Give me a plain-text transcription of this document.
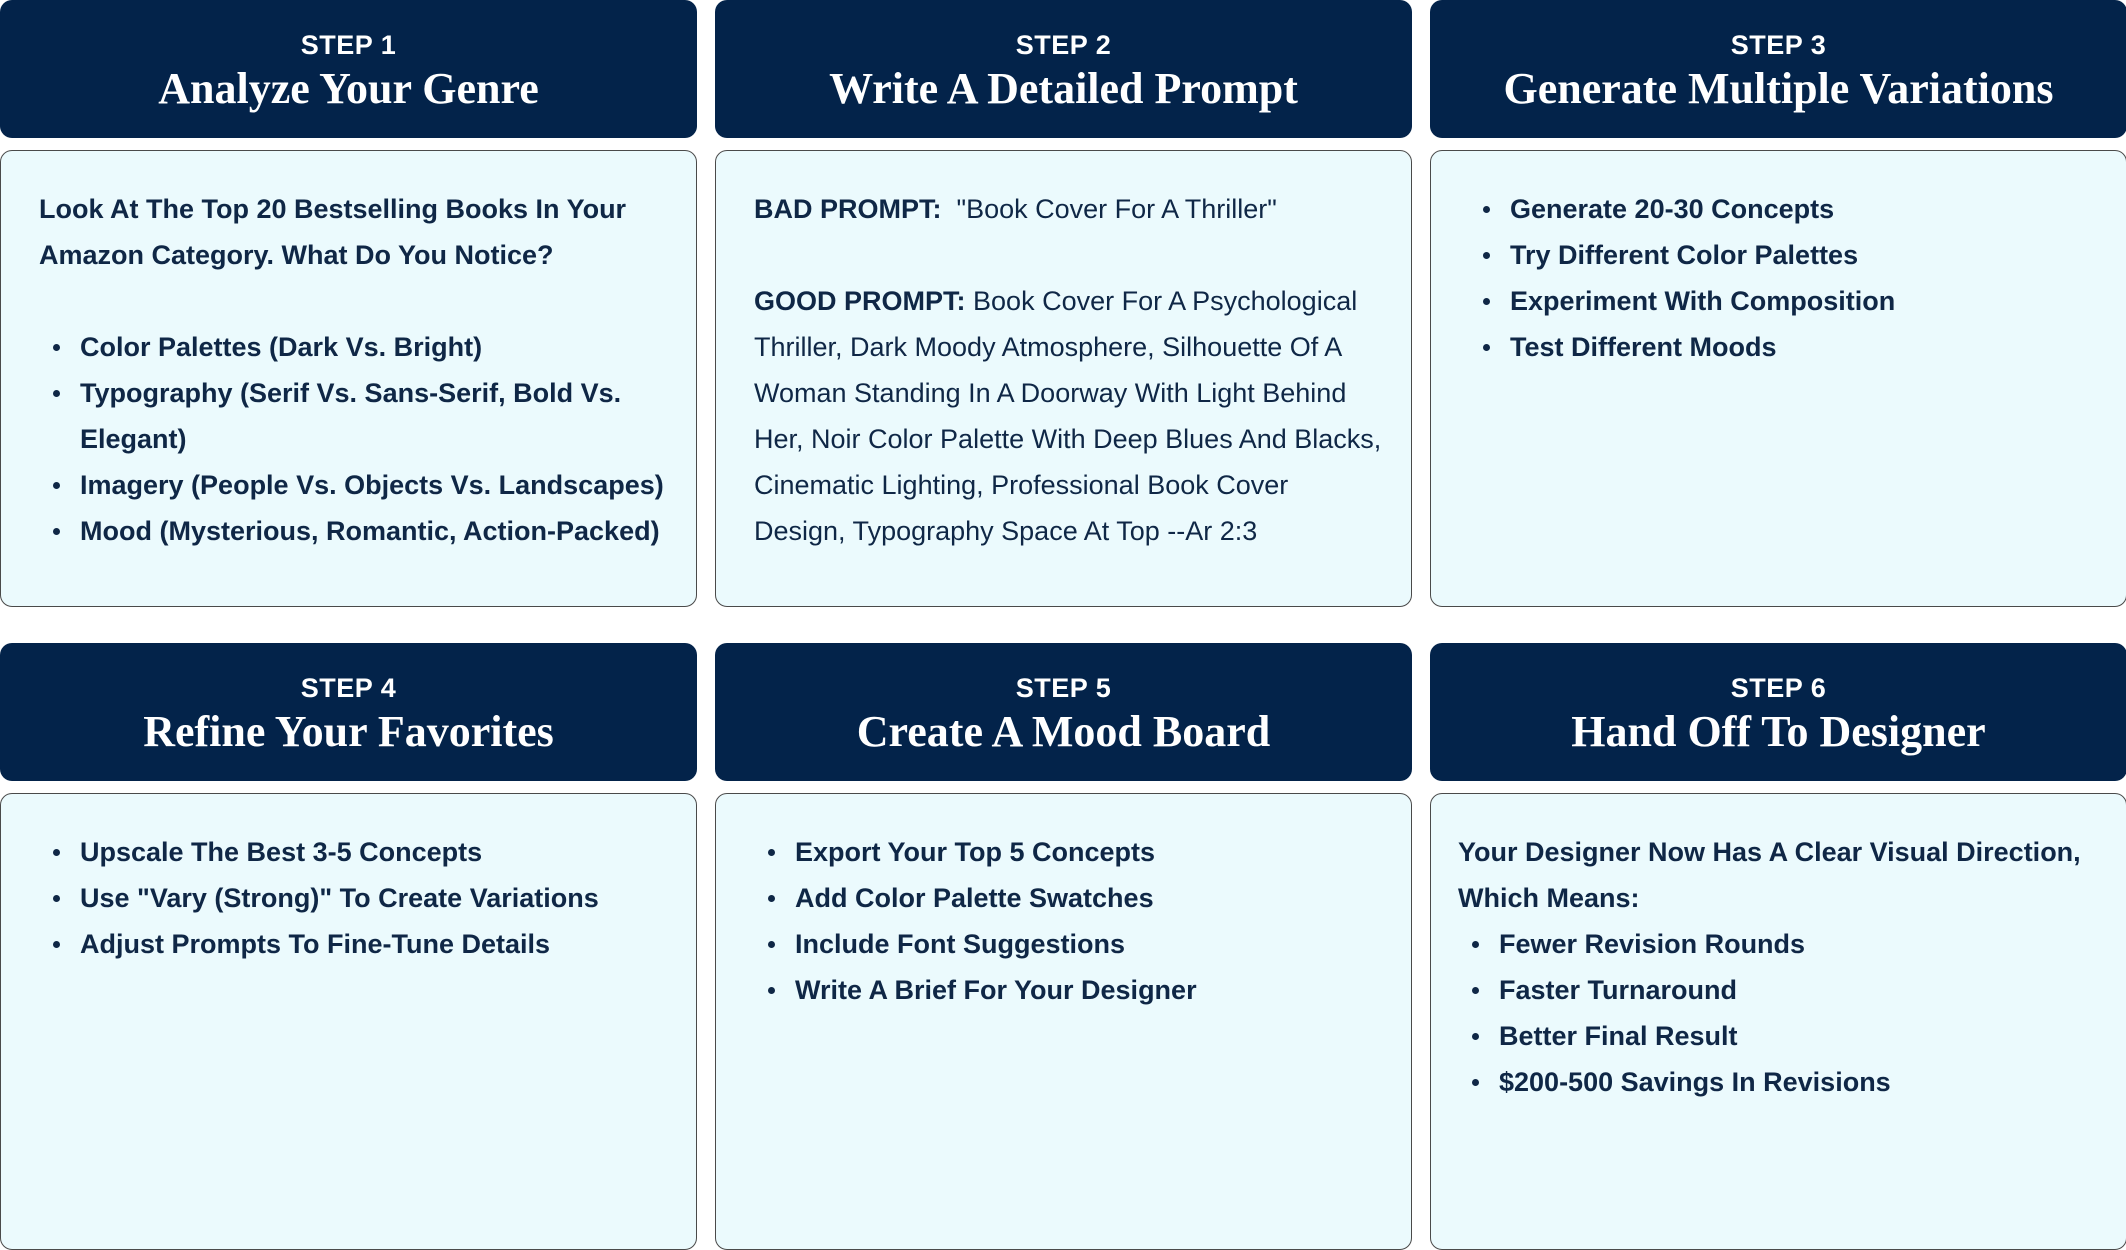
STEP 1
Analyze Your Genre

Look At The Top 20 Bestselling Books In Your Amazon Category. What Do You Notice?

Color Palettes (Dark Vs. Bright)
Typography (Serif Vs. Sans-Serif, Bold Vs. Elegant)
Imagery (People Vs. Objects Vs. Landscapes)
Mood (Mysterious, Romantic, Action-Packed)
STEP 2
Write A Detailed Prompt

BAD PROMPT: "Book Cover For A Thriller"

GOOD PROMPT: Book Cover For A Psychological Thriller, Dark Moody Atmosphere, Silhouette Of A Woman Standing In A Doorway With Light Behind Her, Noir Color Palette With Deep Blues And Blacks, Cinematic Lighting, Professional Book Cover Design, Typography Space At Top --Ar 2:3

STEP 3
Generate Multiple Variations
Generate 20-30 Concepts
Try Different Color Palettes
Experiment With Composition
Test Different Moods
STEP 4
Refine Your Favorites
Upscale The Best 3-5 Concepts
Use "Vary (Strong)" To Create Variations
Adjust Prompts To Fine-Tune Details
STEP 5
Create A Mood Board
Export Your Top 5 Concepts
Add Color Palette Swatches
Include Font Suggestions
Write A Brief For Your Designer
STEP 6
Hand Off To Designer

Your Designer Now Has A Clear Visual Direction, Which Means:

Fewer Revision Rounds
Faster Turnaround
Better Final Result
$200-500 Savings In Revisions
